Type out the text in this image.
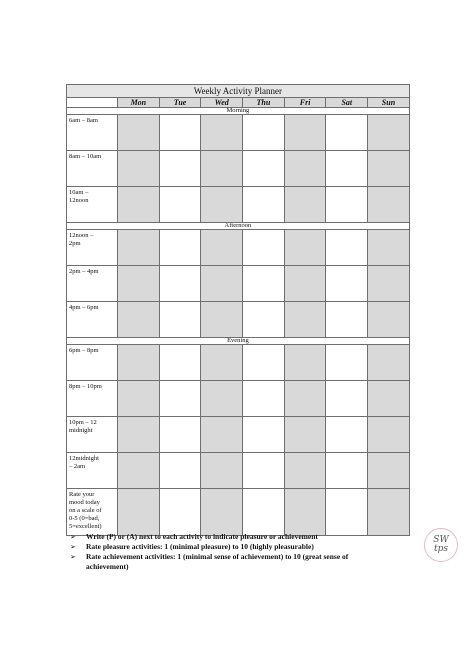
Weekly Activity Planner							
	Mon	Tue	Wed	Thu	Fri	Sat	Sun
Morning							

6am – 8am							

8am – 10am							

10am –
12noon							

Afternoon							

12noon –
2pm							

2pm – 4pm							

4pm – 6pm							

Evening							

6pm – 8pm							

8pm – 10pm							

10pm – 12
midnight							

12midnight
– 2am							

Rate your
mood today
on a scale of
0-5 (0=bad,
5=excellent)							

➢ Write (P) or (A) next to each activity to indicate pleasure or achievement
➢ Rate pleasure activities: 1 (minimal pleasure) to 10 (highly pleasurable)
➢ Rate achievement activities: 1 (minimal sense of achievement) to 10 (great sense of achievement)
SW
tps
